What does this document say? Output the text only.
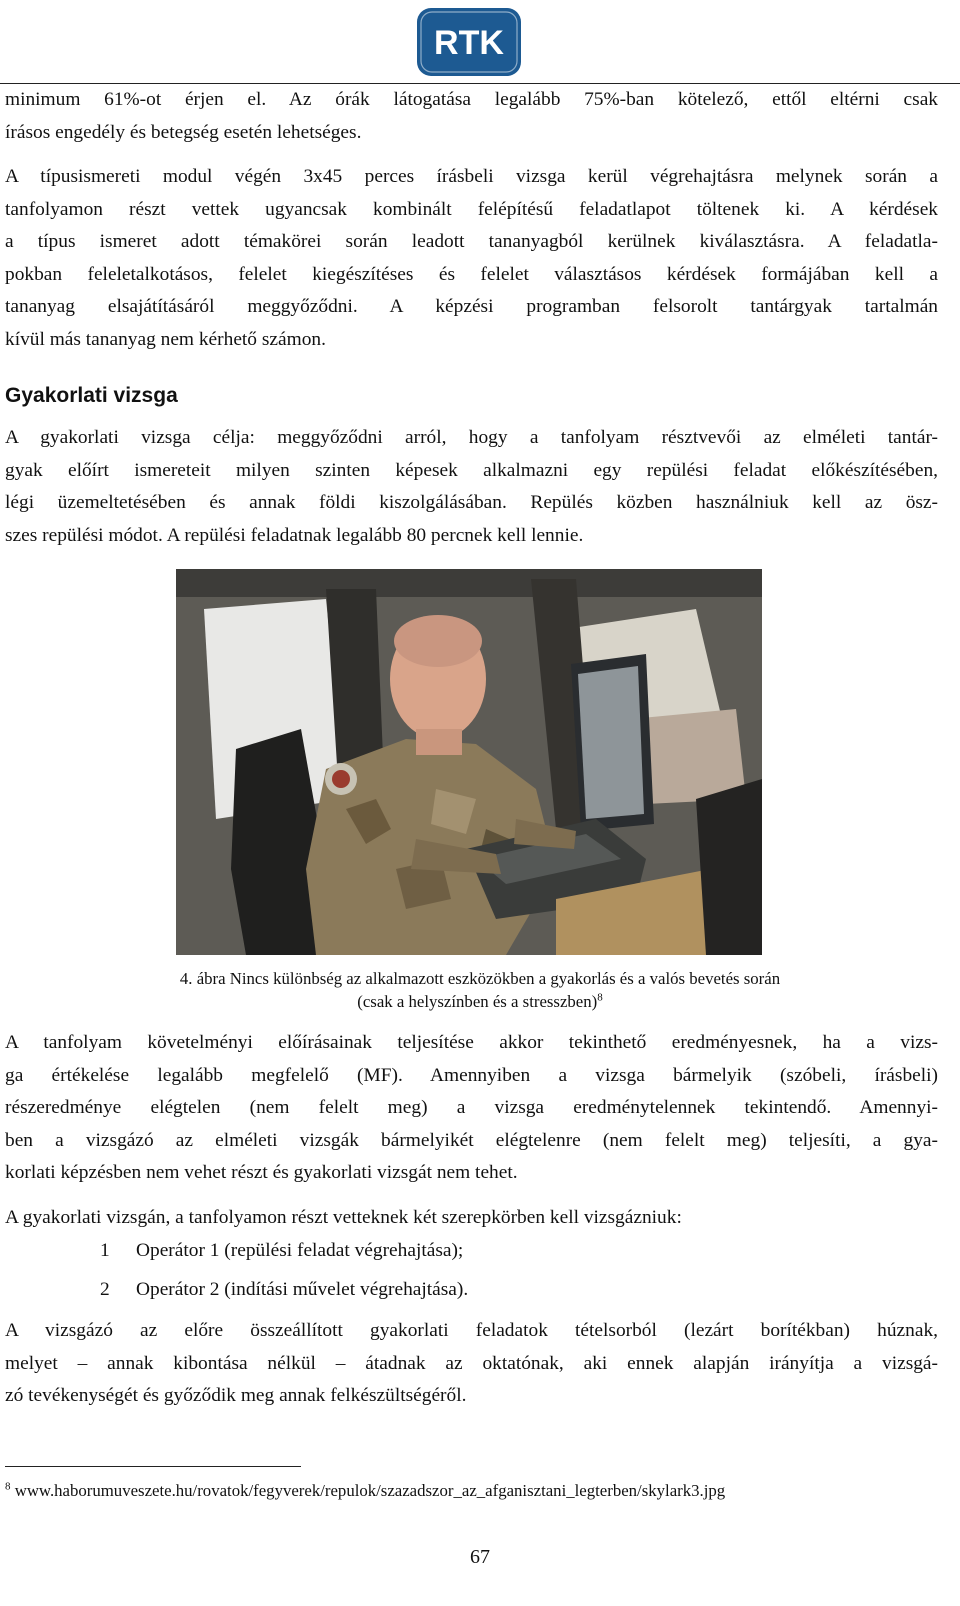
RTK

minimum 61%-ot érjen el. Az órák látogatása legalább 75%-ban kötelező, ettől eltérni csak
írásos engedély és betegség esetén lehetséges.

A típusismereti modul végén 3x45 perces írásbeli vizsga kerül végrehajtásra melynek során a
tanfolyamon részt vettek ugyancsak kombinált felépítésű feladatlapot töltenek ki. A kérdések
a típus ismeret adott témakörei során leadott tananyagból kerülnek kiválasztásra. A feladatla-
pokban feleletalkotásos, felelet kiegészítéses és felelet választásos kérdések formájában kell a
tananyag elsajátításáról meggyőződni. A képzési programban felsorolt tantárgyak tartalmán
kívül más tananyag nem kérhető számon.

Gyakorlati vizsga

A gyakorlati vizsga célja: meggyőződni arról, hogy a tanfolyam résztvevői az elméleti tantár-
gyak előírt ismereteit milyen szinten képesek alkalmazni egy repülési feladat előkészítésében,
légi üzemeltetésében és annak földi kiszolgálásában. Repülés közben használniuk kell az ösz-
szes repülési módot. A repülési feladatnak legalább 80 percnek kell lennie.

4. ábra Nincs különbség az alkalmazott eszközökben a gyakorlás és a valós bevetés során

(csak a helyszínben és a stresszben)$^8$

A tanfolyam követelményi előírásainak teljesítése akkor tekinthető eredményesnek, ha a vizs-
ga értékelése legalább megfelelő (MF). Amennyiben a vizsga bármelyik (szóbeli, írásbeli)
részeredménye elégtelen (nem felelt meg) a vizsga eredménytelennek tekintendő. Amennyi-
ben a vizsgázó az elméleti vizsgák bármelyikét elégtelenre (nem felelt meg) teljesíti, a gya-
korlati képzésben nem vehet részt és gyakorlati vizsgát nem tehet.

A gyakorlati vizsgán, a tanfolyamon részt vetteknek két szerepkörben kell vizsgázniuk:

1 Operátor 1 (repülési feladat végrehajtása);
2 Operátor 2 (indítási művelet végrehajtása).

A vizsgázó az előre összeállított gyakorlati feladatok tételsorból (lezárt borítékban) húznak,
melyet – annak kibontása nélkül – átadnak az oktatónak, aki ennek alapján irányítja a vizsgá-
zó tevékenységét és győződik meg annak felkészültségéről.

$^8$ www.haborumuveszete.hu/rovatok/fegyverek/repulok/szazadszor_az_afganisztani_legterben/skylark3.jpg

67
